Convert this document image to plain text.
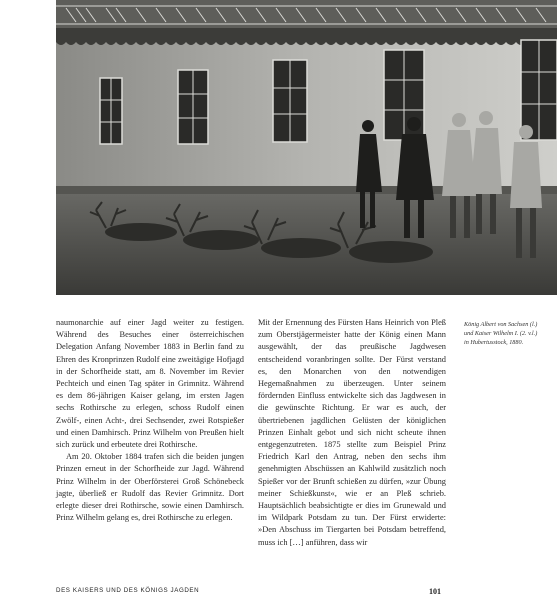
naumonarchie auf einer Jagd weiter zu festigen. Während des Besuches einer österreichischen Delegation Anfang November 1883 in Berlin fand zu Ehren des Kronprinzen Rudolf eine zweitägige Hofjagd in der Schorfheide statt, am 8. November im Revier Pechteich und einen Tag später in Grimnitz. Während es dem 86-jährigen Kaiser gelang, im ersten Jagen sechs Rothirsche zu erlegen, schoss Rudolf einen Zwölf-, einen Acht-, drei Sechsender, zwei Rotspießer und einen Damhirsch. Prinz Wilhelm von Preußen hielt sich zurück und erbeutete drei Rothirsche.

Am 20. Oktober 1884 trafen sich die beiden jungen Prinzen erneut in der Schorfheide zur Jagd. Während Prinz Wilhelm in der Oberförsterei Groß Schönebeck jagte, überließ er Rudolf das Revier Grimnitz. Dort erlegte dieser drei Rothirsche, sowie einen Damhirsch. Prinz Wilhelm gelang es, drei Rothirsche zu erlegen.

Mit der Ernennung des Fürsten Hans Heinrich von Pleß zum Oberstjägermeister hatte der König einen Mann ausgewählt, der das preußische Jagdwesen entscheidend voranbringen sollte. Der Fürst verstand es, den Monarchen von den notwendigen Hegemaßnahmen zu überzeugen. Unter seinem fördernden Einfluss entwickelte sich das Jagdwesen in die gewünschte Richtung. Er war es auch, der übertriebenen jagdlichen Gelüsten der königlichen Prinzen Einhalt gebot und sich nicht scheute ihnen entgegenzutreten. 1875 stellte zum Beispiel Prinz Friedrich Karl den Antrag, neben den sechs ihm genehmigten Abschüssen an Kahlwild zusätzlich noch Spießer vor der Brunft schießen zu dürfen, »zur Übung meiner Schießkunst«, wie er an Pleß schrieb. Hauptsächlich beabsichtigte er dies im Grunewald und im Wildpark Potsdam zu tun. Der Fürst erwiderte: »Den Abschuss im Tiergarten bei Potsdam betreffend, muss ich […] anführen, dass wir

König Albert von Sachsen (l.) und Kaiser Wilhelm I. (2. v.l.) in Hubertusstock, 1880.
DES KAISERS UND DES KÖNIGS JAGDEN	101
